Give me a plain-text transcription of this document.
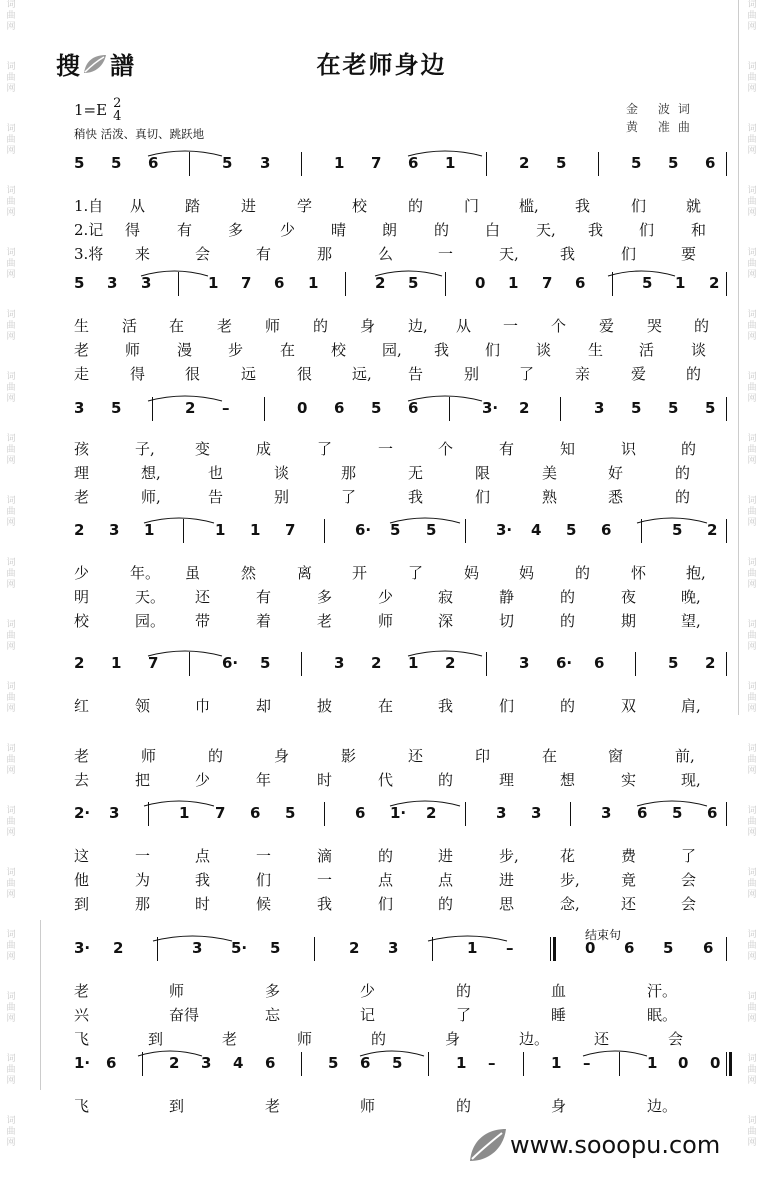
词
曲
网
词
曲
网
词
曲
网
词
曲
网
词
曲
网
词
曲
网
词
曲
网
词
曲
网
词
曲
网
词
曲
网
词
曲
网
词
曲
网
词
曲
网
词
曲
网
词
曲
网
词
曲
网
词
曲
网
词
曲
网
词
曲
网
词
曲
网
词
曲
网
词
曲
网
词
曲
网
词
曲
网
词
曲
网
词
曲
网
词
曲
网
词
曲
网
词
曲
网
词
曲
网
词
曲
网
词
曲
网
词
曲
网
词
曲
网
词
曲
网
词
曲
网
词
曲
网
词
曲
网
搜 譜	在老师身边
1=E 2
4
稍快 活泼、真切、跳跃地
金 波词
黄 准曲
5 5 6	5 3	1 7 6 1	2 5	5 5 6
1.自 从	踏	进	学	校	的	门	槛, 我	们	就
2.记 得 有 多 少 晴 朗 的 白 天, 我 们 和
3.将 来	会	有	那	么	一	天,	我	们	要
5 3 3	1 7 6 1	2 5	0 1 7 6	5 1 2
生 活 在 老 师 的 身 边, 从 一 个 爱 哭 的
老 师 漫 步 在 校 园, 我 们 谈 生 活 谈
走	得	很	远	很	远, 告	别	了	亲	爱	的
3 5	2 –	0 6 5 6	3· 2	3 5 5 5
孩	子,	变	成	了	一	个	有	知	识	的
理	想,	也	谈	那	无	限	美	好	的
老	师,	告	别	了	我	们	熟	悉	的
2 3 1	1 1 7	6· 5 5	3· 4 5 6	5 2
少	年。 虽	然	离	开	了	妈	妈	的	怀	抱,
明	天。 还	有	多	少	寂	静	的	夜	晚,
校	园。 带	着	老	师	深	切	的	期	望,
2 1 7	6· 5	3 2 1 2	3 6· 6	5 2
红	领	巾	却	披	在	我	们	的	双	肩,
老	师	的	身	影	还	印	在	窗	前,
去	把	少	年	时	代	的	理	想	实	现,
2· 3	1 7 6 5	6 1· 2	3 3	3 6 5 6
这	一	点	一	滴	的	进	步,	花	费	了
他	为	我	们	一	点	点	进	步,	竟	会
到	那	时	候	我	们	的	思	念,	还	会
3· 2	3 5· 5	2 3	1 –	0 6 5 6
老	师	多	少	的	血	汗。
兴	奋得	忘	记	了	睡	眠。
飞	到	老	师	的	身	边。	还	会
1· 6	2 3 4 6	5 6 5	1 –	1 –	1 0 0
飞	到	老	师	的	身	边。
结束句
www.sooopu.com
